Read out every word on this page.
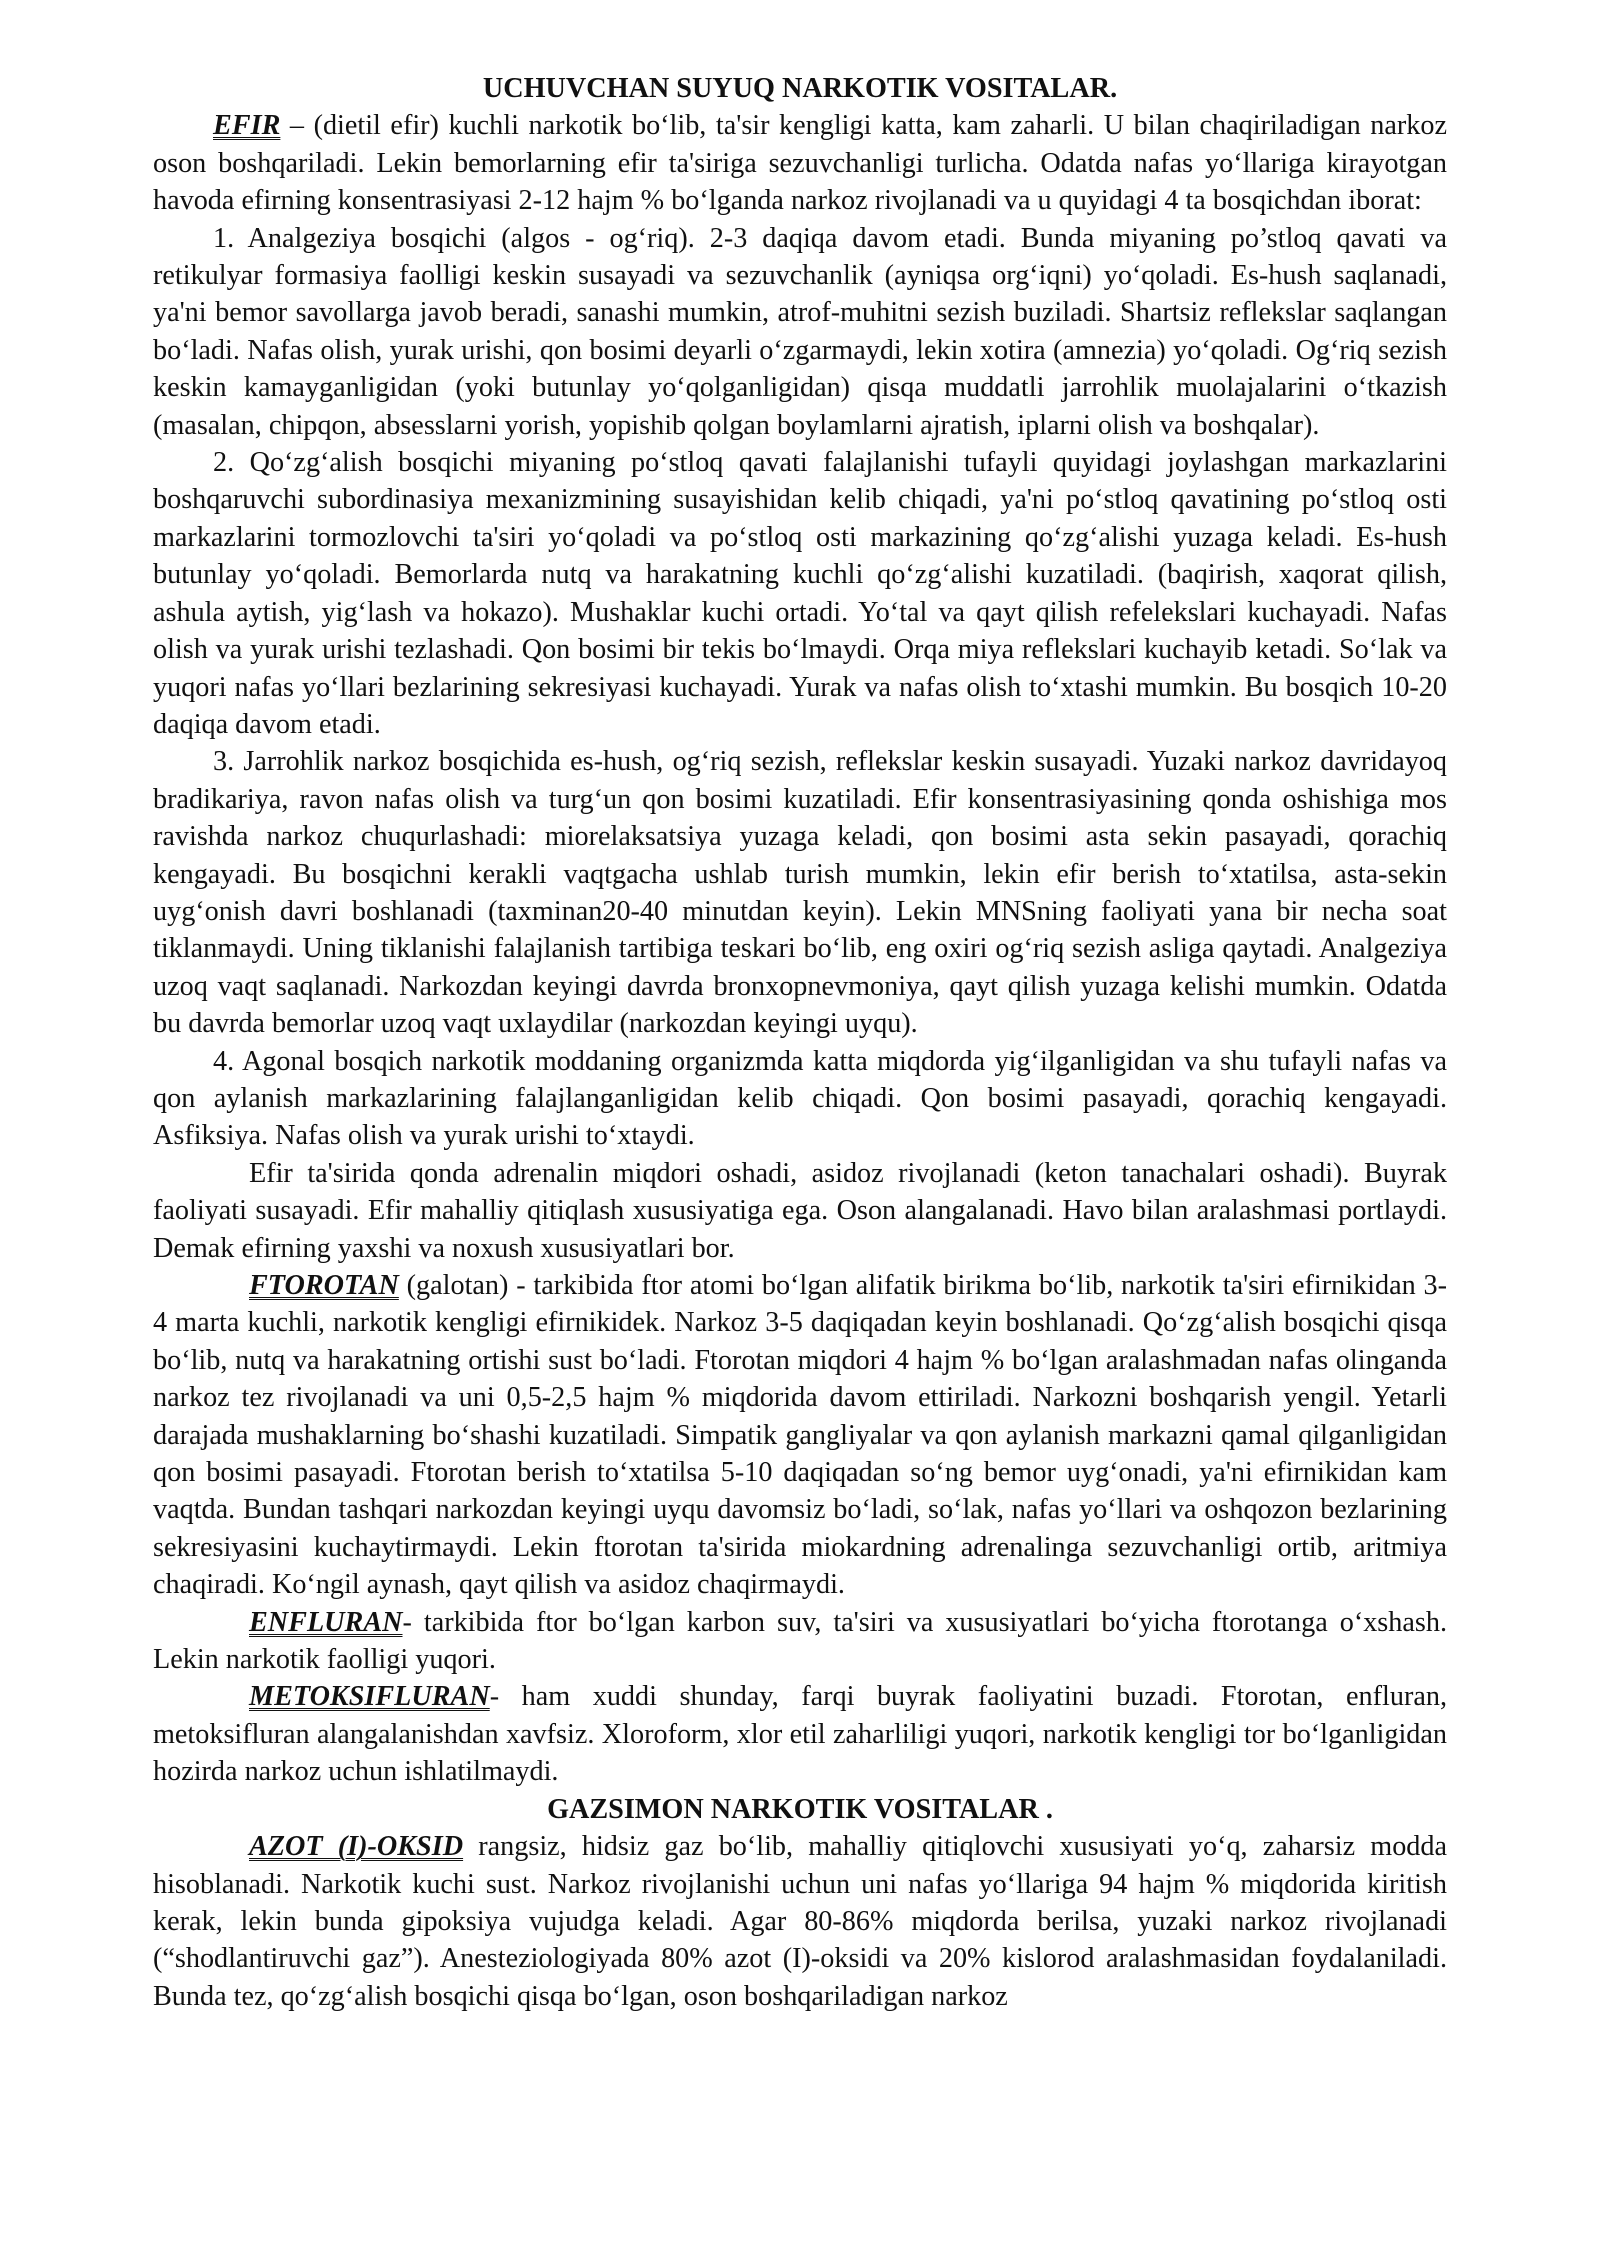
UCHUVCHAN SUYUQ NARKOTIK VOSITALAR.

EFIR – (dietil efir) kuchli narkotik bo‘lib, ta'sir kengligi katta, kam zaharli. U bilan chaqiriladigan narkoz oson boshqariladi. Lekin bemorlarning efir ta'siriga sezuvchanligi turlicha. Odatda nafas yo‘llariga kirayotgan havoda efirning konsentrasiyasi 2-12 hajm % bo‘lganda narkoz rivojlanadi va u quyidagi 4 ta bosqichdan iborat:

1. Analgeziya bosqichi (algos - og‘riq). 2-3 daqiqa davom etadi. Bunda miyaning po’stloq qavati va retikulyar formasiya faolligi keskin susayadi va sezuvchanlik (ayniqsa org‘iqni) yo‘qoladi. Es-hush saqlanadi, ya'ni bemor savollarga javob beradi, sanashi mumkin, atrof-muhitni sezish buziladi. Shartsiz reflekslar saqlangan bo‘ladi. Nafas olish, yurak urishi, qon bosimi deyarli o‘zgarmaydi, lekin xotira (amnezia) yo‘qoladi. Og‘riq sezish keskin kamayganligidan (yoki butunlay yo‘qolganligidan) qisqa muddatli jarrohlik muolajalarini o‘tkazish (masalan, chipqon, absesslarni yorish, yopishib qolgan boylamlarni ajratish, iplarni olish va boshqalar).

2. Qo‘zg‘alish bosqichi miyaning po‘stloq qavati falajlanishi tufayli quyidagi joylashgan markazlarini boshqaruvchi subordinasiya mexanizmining susayishidan kelib chiqadi, ya'ni po‘stloq qavatining po‘stloq osti markazlarini tormozlovchi ta'siri yo‘qoladi va po‘stloq osti markazining qo‘zg‘alishi yuzaga keladi. Es-hush butunlay yo‘qoladi. Bemorlarda nutq va harakatning kuchli qo‘zg‘alishi kuzatiladi. (baqirish, xaqorat qilish, ashula aytish, yig‘lash va hokazo). Mushaklar kuchi ortadi. Yo‘tal va qayt qilish refelekslari kuchayadi. Nafas olish va yurak urishi tezlashadi. Qon bosimi bir tekis bo‘lmaydi. Orqa miya reflekslari kuchayib ketadi. So‘lak va yuqori nafas yo‘llari bezlarining sekresiyasi kuchayadi. Yurak va nafas olish to‘xtashi mumkin. Bu bosqich 10-20 daqiqa davom etadi.

3. Jarrohlik narkoz bosqichida es-hush, og‘riq sezish, reflekslar keskin susayadi. Yuzaki narkoz davridayoq bradikariya, ravon nafas olish va turg‘un qon bosimi kuzatiladi. Efir konsentrasiyasining qonda oshishiga mos ravishda narkoz chuqurlashadi: miorelaksatsiya yuzaga keladi, qon bosimi asta sekin pasayadi, qorachiq kengayadi. Bu bosqichni kerakli vaqtgacha ushlab turish mumkin, lekin efir berish to‘xtatilsa, asta-sekin uyg‘onish davri boshlanadi (taxminan20-40 minutdan keyin). Lekin MNSning faoliyati yana bir necha soat tiklanmaydi. Uning tiklanishi falajlanish tartibiga teskari bo‘lib, eng oxiri og‘riq sezish asliga qaytadi. Analgeziya uzoq vaqt saqlanadi. Narkozdan keyingi davrda bronxopnevmoniya, qayt qilish yuzaga kelishi mumkin. Odatda bu davrda bemorlar uzoq vaqt uxlaydilar (narkozdan keyingi uyqu).

4. Agonal bosqich narkotik moddaning organizmda katta miqdorda yig‘ilganligidan va shu tufayli nafas va qon aylanish markazlarining falajlanganligidan kelib chiqadi. Qon bosimi pasayadi, qorachiq kengayadi. Asfiksiya. Nafas olish va yurak urishi to‘xtaydi.

Efir ta'sirida qonda adrenalin miqdori oshadi, asidoz rivojlanadi (keton tanachalari oshadi). Buyrak faoliyati susayadi. Efir mahalliy qitiqlash xususiyatiga ega. Oson alangalanadi. Havo bilan aralashmasi portlaydi. Demak efirning yaxshi va noxush xususiyatlari bor.

FTOROTAN (galotan) - tarkibida ftor atomi bo‘lgan alifatik birikma bo‘lib, narkotik ta'siri efirnikidan 3-4 marta kuchli, narkotik kengligi efirnikidek. Narkoz 3-5 daqiqadan keyin boshlanadi. Qo‘zg‘alish bosqichi qisqa bo‘lib, nutq va harakatning ortishi sust bo‘ladi. Ftorotan miqdori 4 hajm % bo‘lgan aralashmadan nafas olinganda narkoz tez rivojlanadi va uni 0,5-2,5 hajm % miqdorida davom ettiriladi. Narkozni boshqarish yengil. Yetarli darajada mushaklarning bo‘shashi kuzatiladi. Simpatik gangliyalar va qon aylanish markazni qamal qilganligidan qon bosimi pasayadi. Ftorotan berish to‘xtatilsa 5-10 daqiqadan so‘ng bemor uyg‘onadi, ya'ni efirnikidan kam vaqtda. Bundan tashqari narkozdan keyingi uyqu davomsiz bo‘ladi, so‘lak, nafas yo‘llari va oshqozon bezlarining sekresiyasini kuchaytirmaydi. Lekin ftorotan ta'sirida miokardning adrenalinga sezuvchanligi ortib, aritmiya chaqiradi. Ko‘ngil aynash, qayt qilish va asidoz chaqirmaydi.

ENFLURAN- tarkibida ftor bo‘lgan karbon suv, ta'siri va xususiyatlari bo‘yicha ftorotanga o‘xshash. Lekin narkotik faolligi yuqori.

METOKSIFLURAN- ham xuddi shunday, farqi buyrak faoliyatini buzadi. Ftorotan, enfluran, metoksifluran alangalanishdan xavfsiz. Xloroform, xlor etil zaharliligi yuqori, narkotik kengligi tor bo‘lganligidan hozirda narkoz uchun ishlatilmaydi.

GAZSIMON NARKOTIK VOSITALAR .

AZOT (I)-OKSID rangsiz, hidsiz gaz bo‘lib, mahalliy qitiqlovchi xususiyati yo‘q, zaharsiz modda hisoblanadi. Narkotik kuchi sust. Narkoz rivojlanishi uchun uni nafas yo‘llariga 94 hajm % miqdorida kiritish kerak, lekin bunda gipoksiya vujudga keladi. Agar 80-86% miqdorda berilsa, yuzaki narkoz rivojlanadi (“shodlantiruvchi gaz”). Anesteziologiyada 80% azot (I)-oksidi va 20% kislorod aralashmasidan foydalaniladi. Bunda tez, qo‘zg‘alish bosqichi qisqa bo‘lgan, oson boshqariladigan narkoz
